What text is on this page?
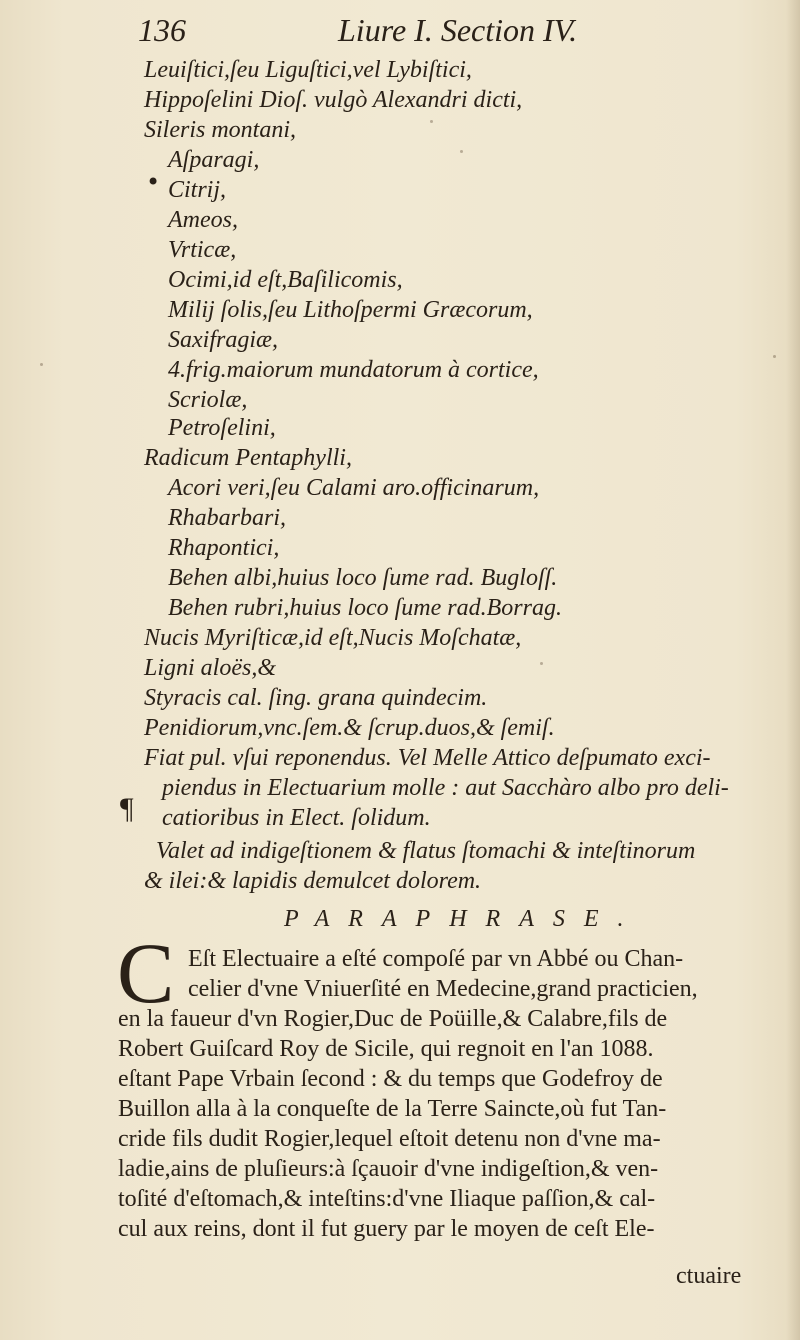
136	Liure I. Section IV.
Leuiſtici,ſeu Liguſtici,vel Lybiſtici,
Hippoſelini Dioſ. vulgò Alexandri dicti,
Sileris montani,
Aſparagi,
• Citrij,
Ameos,
Vrticæ,
Ocimi,id eſt,Baſilicomis,
Milij ſolis,ſeu Lithoſpermi Græcorum,
Saxifragiæ,
4.frig.maiorum mundatorum à cortice,
Scriolæ,
Petroſelini,
Radicum Pentaphylli,
Acori veri,ſeu Calami aro.officinarum,
Rhabarbari,
Rhapontici,
Behen albi,huius loco ſume rad. Bugloſſ.
Behen rubri,huius loco ſume rad.Borrag.
Nucis Myriſticæ,id eſt,Nucis Moſchatæ,
Ligni aloës,&
Styracis cal. ſing. grana quindecim.
Penidiorum,vnc.ſem.& ſcrup.duos,& ſemiſ.
Fiat pul. vſui reponendus. Vel Melle Attico deſpumato exci-
piendus in Electuarium molle : aut Sacchàro albo pro deli-
catioribus in Elect. ſolidum.
¶
Valet ad indigeſtionem & flatus ſtomachi & inteſtinorum
& ilei:& lapidis demulcet dolorem.
PARAPHRASE.
C Eſt Electuaire a eſté compoſé par vn Abbé ou Chan-
celier d'vne Vniuerſité en Medecine,grand practicien,
en la faueur d'vn Rogier,Duc de Poüille,& Calabre,fils de
Robert Guiſcard Roy de Sicile, qui regnoit en l'an 1088.
eſtant Pape Vrbain ſecond : & du temps que Godefroy de
Buillon alla à la conqueſte de la Terre Saincte,où fut Tan-
cride fils dudit Rogier,lequel eſtoit detenu non d'vne ma-
ladie,ains de pluſieurs:à ſçauoir d'vne indigeſtion,& ven-
toſité d'eſtomach,& inteſtins:d'vne Iliaque paſſion,& cal-
cul aux reins, dont il fut guery par le moyen de ceſt Ele-
ctuaire
